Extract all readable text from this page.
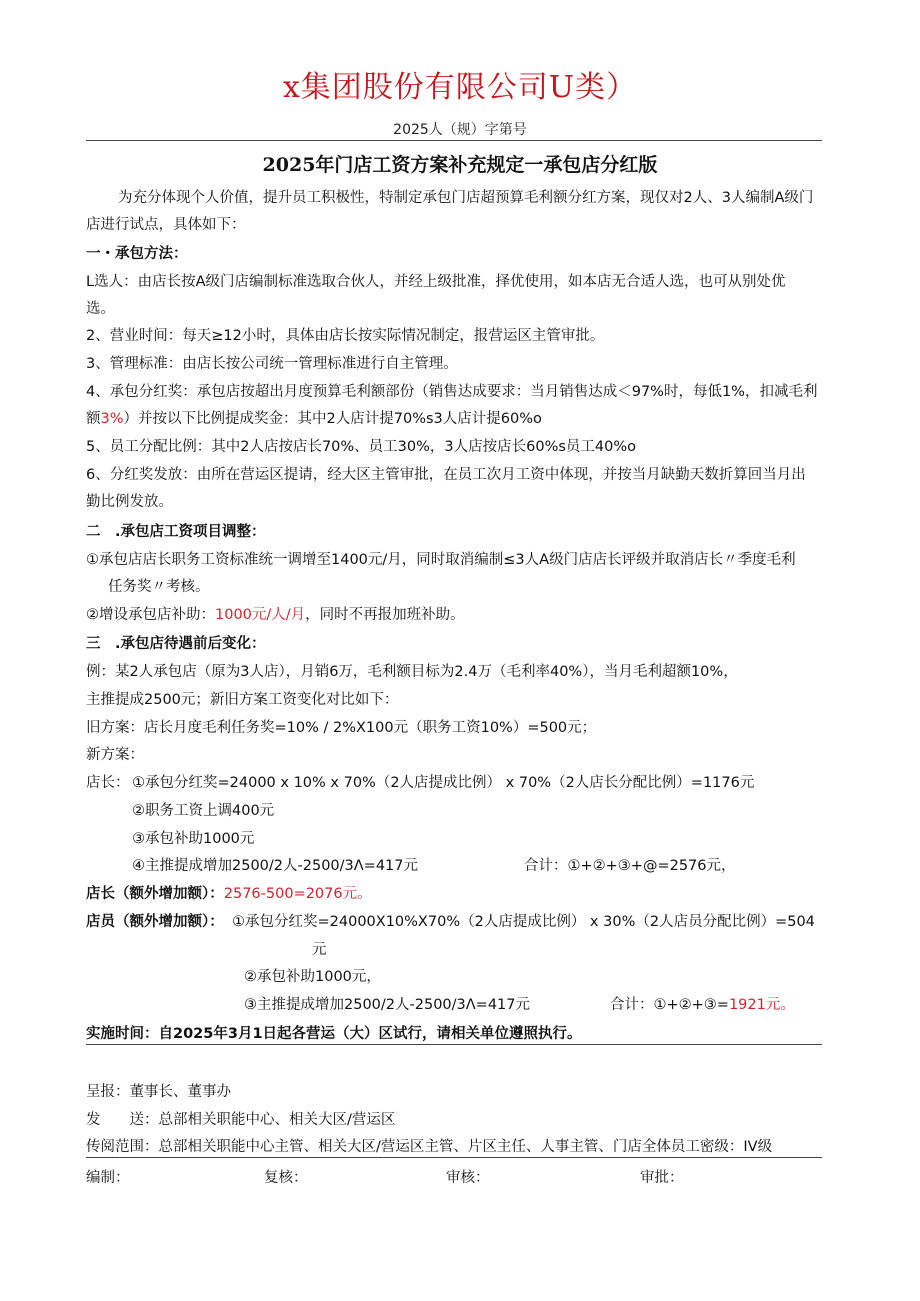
x集团股份有限公司U类）
2025人（规）字第号
2025年门店工资方案补充规定一承包店分红版
为充分体现个人价值，提升员工积极性，特制定承包门店超预算毛利额分红方案，现仅对2人、3人编制A级门
店进行试点，具体如下：
一・承包方法：
L选人：由店长按A级门店编制标准选取合伙人，并经上级批准，择优使用，如本店无合适人选，也可从别处优
选。
2、营业时间：每天≥12小时，具体由店长按实际情况制定，报营运区主管审批。
3、管理标准：由店长按公司统一管理标准进行自主管理。
4、承包分红奖：承包店按超出月度预算毛利额部份（销售达成要求：当月销售达成＜97%时，每低1%，扣减毛利
额3%）并按以下比例提成奖金：其中2人店计提70%s3人店计提60%o
5、员工分配比例：其中2人店按店长70%、员工30%，3人店按店长60%s员工40%o
6、分红奖发放：由所在营运区提请，经大区主管审批，在员工次月工资中体现，并按当月缺勤天数折算回当月出
勤比例发放。
二　.承包店工资项目调整：
①承包店店长职务工资标准统一调增至1400元/月，同时取消编制≤3人A级门店店长评级并取消店长〃季度毛利
任务奖〃考核。
②增设承包店补助：1000元/人/月，同时不再报加班补助。
三　.承包店待遇前后变化：
例：某2人承包店（原为3人店），月销6万，毛利额目标为2.4万（毛利率40%），当月毛利超额10%，
主推提成2500元；新旧方案工资变化对比如下：
旧方案：店长月度毛利任务奖=10% / 2%X100元（职务工资10%）=500元；
新方案：
店长： ①承包分红奖=24000 x 10% x 70%（2人店提成比例） x 70%（2人店长分配比例）=1176元
②职务工资上调400元
③承包补助1000元
④主推提成增加2500/2人-2500/3Λ=417元	合计：①+②+③+@=2576元，
店长（额外增加额）：2576-500=2076元。
店员（额外增加额）： ①承包分红奖=24000X10%X70%（2人店提成比例） x 30%（2人店员分配比例）=504
元
②承包补助1000元，
③主推提成增加2500/2人-2500/3Λ=417元	合计：①+②+③=1921元。
实施时间：自2025年3月1日起各营运（大）区试行，请相关单位遵照执行。
呈报：董事长、董事办
发　　送：总部相关职能中心、相关大区/营运区
传阅范围：总部相关职能中心主管、相关大区/营运区主管、片区主任、人事主管、门店全体员工密级：IV级
编制：	复核：	审核：	审批：
